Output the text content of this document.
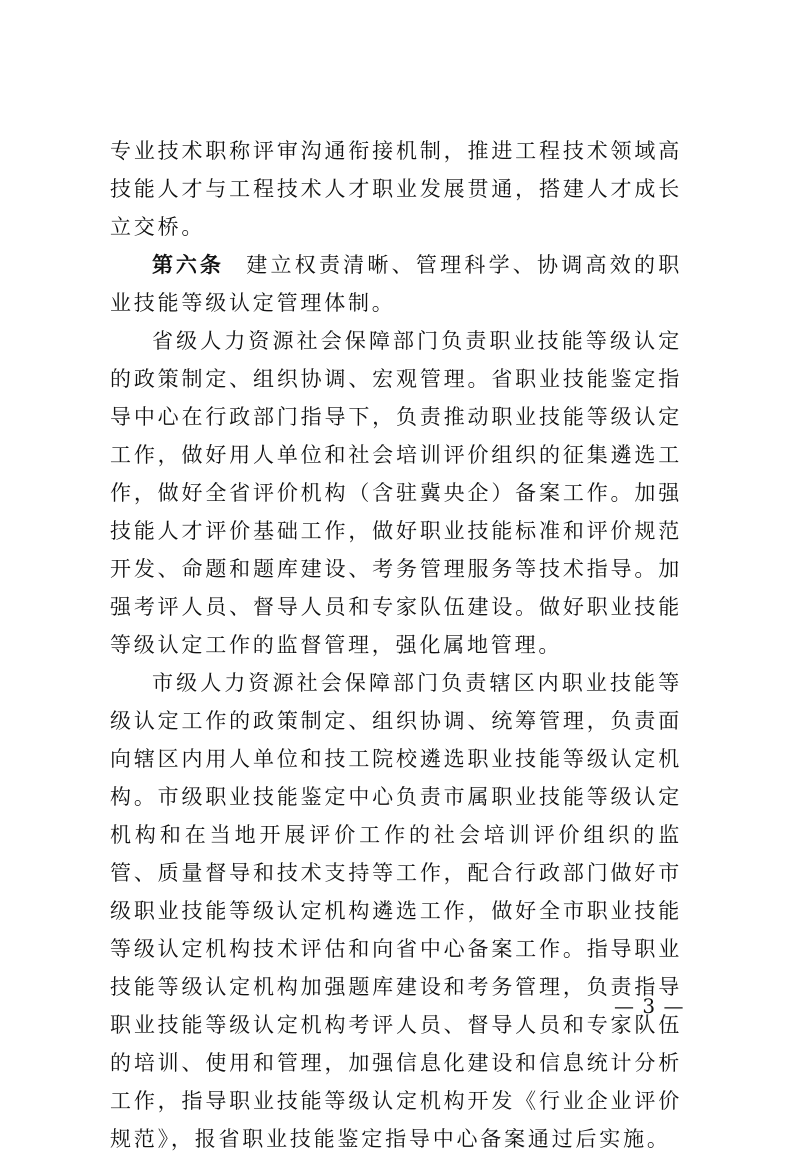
专业技术职称评审沟通衔接机制，推进工程技术领域高技能人才与工程技术人才职业发展贯通，搭建人才成长立交桥。

第六条 建立权责清晰、管理科学、协调高效的职业技能等级认定管理体制。

省级人力资源社会保障部门负责职业技能等级认定的政策制定、组织协调、宏观管理。省职业技能鉴定指导中心在行政部门指导下，负责推动职业技能等级认定工作，做好用人单位和社会培训评价组织的征集遴选工作，做好全省评价机构（含驻冀央企）备案工作。加强技能人才评价基础工作，做好职业技能标准和评价规范开发、命题和题库建设、考务管理服务等技术指导。加强考评人员、督导人员和专家队伍建设。做好职业技能等级认定工作的监督管理，强化属地管理。

市级人力资源社会保障部门负责辖区内职业技能等级认定工作的政策制定、组织协调、统筹管理，负责面向辖区内用人单位和技工院校遴选职业技能等级认定机构。市级职业技能鉴定中心负责市属职业技能等级认定机构和在当地开展评价工作的社会培训评价组织的监管、质量督导和技术支持等工作，配合行政部门做好市级职业技能等级认定机构遴选工作，做好全市职业技能等级认定机构技术评估和向省中心备案工作。指导职业技能等级认定机构加强题库建设和考务管理，负责指导职业技能等级认定机构考评人员、督导人员和专家队伍的培训、使用和管理，加强信息化建设和信息统计分析工作，指导职业技能等级认定机构开发《行业企业评价规范》，报省职业技能鉴定指导中心备案通过后实施。

— 3 —
